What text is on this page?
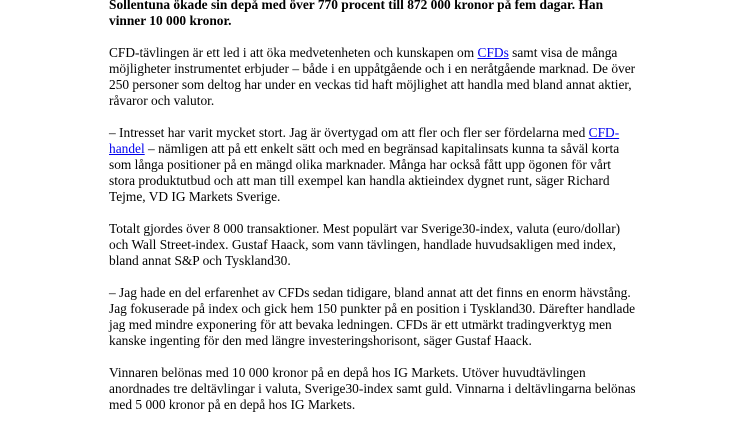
Sollentuna ökade sin depå med över 770 procent till 872 000 kronor på fem dagar. Han vinner 10 000 kronor.

CFD-tävlingen är ett led i att öka medvetenheten och kunskapen om CFDs samt visa de många möjligheter instrumentet erbjuder – både i en uppåtgående och i en neråtgående marknad. De över 250 personer som deltog har under en veckas tid haft möjlighet att handla med bland annat aktier, råvaror och valutor.

– Intresset har varit mycket stort. Jag är övertygad om att fler och fler ser fördelarna med CFD-handel – nämligen att på ett enkelt sätt och med en begränsad kapitalinsats kunna ta såväl korta som långa positioner på en mängd olika marknader. Många har också fått upp ögonen för vårt stora produktutbud och att man till exempel kan handla aktieindex dygnet runt, säger Richard Tejme, VD IG Markets Sverige.

Totalt gjordes över 8 000 transaktioner. Mest populärt var Sverige30-index, valuta (euro/dollar) och Wall Street-index. Gustaf Haack, som vann tävlingen, handlade huvudsakligen med index, bland annat S&P och Tyskland30.

– Jag hade en del erfarenhet av CFDs sedan tidigare, bland annat att det finns en enorm hävstång. Jag fokuserade på index och gick hem 150 punkter på en position i Tyskland30. Därefter handlade jag med mindre exponering för att bevaka ledningen. CFDs är ett utmärkt tradingverktyg men kanske ingenting för den med längre investeringshorisont, säger Gustaf Haack.

Vinnaren belönas med 10 000 kronor på en depå hos IG Markets. Utöver huvudtävlingen anordnades tre deltävlingar i valuta, Sverige30-index samt guld. Vinnarna i deltävlingarna belönas med 5 000 kronor på en depå hos IG Markets.
